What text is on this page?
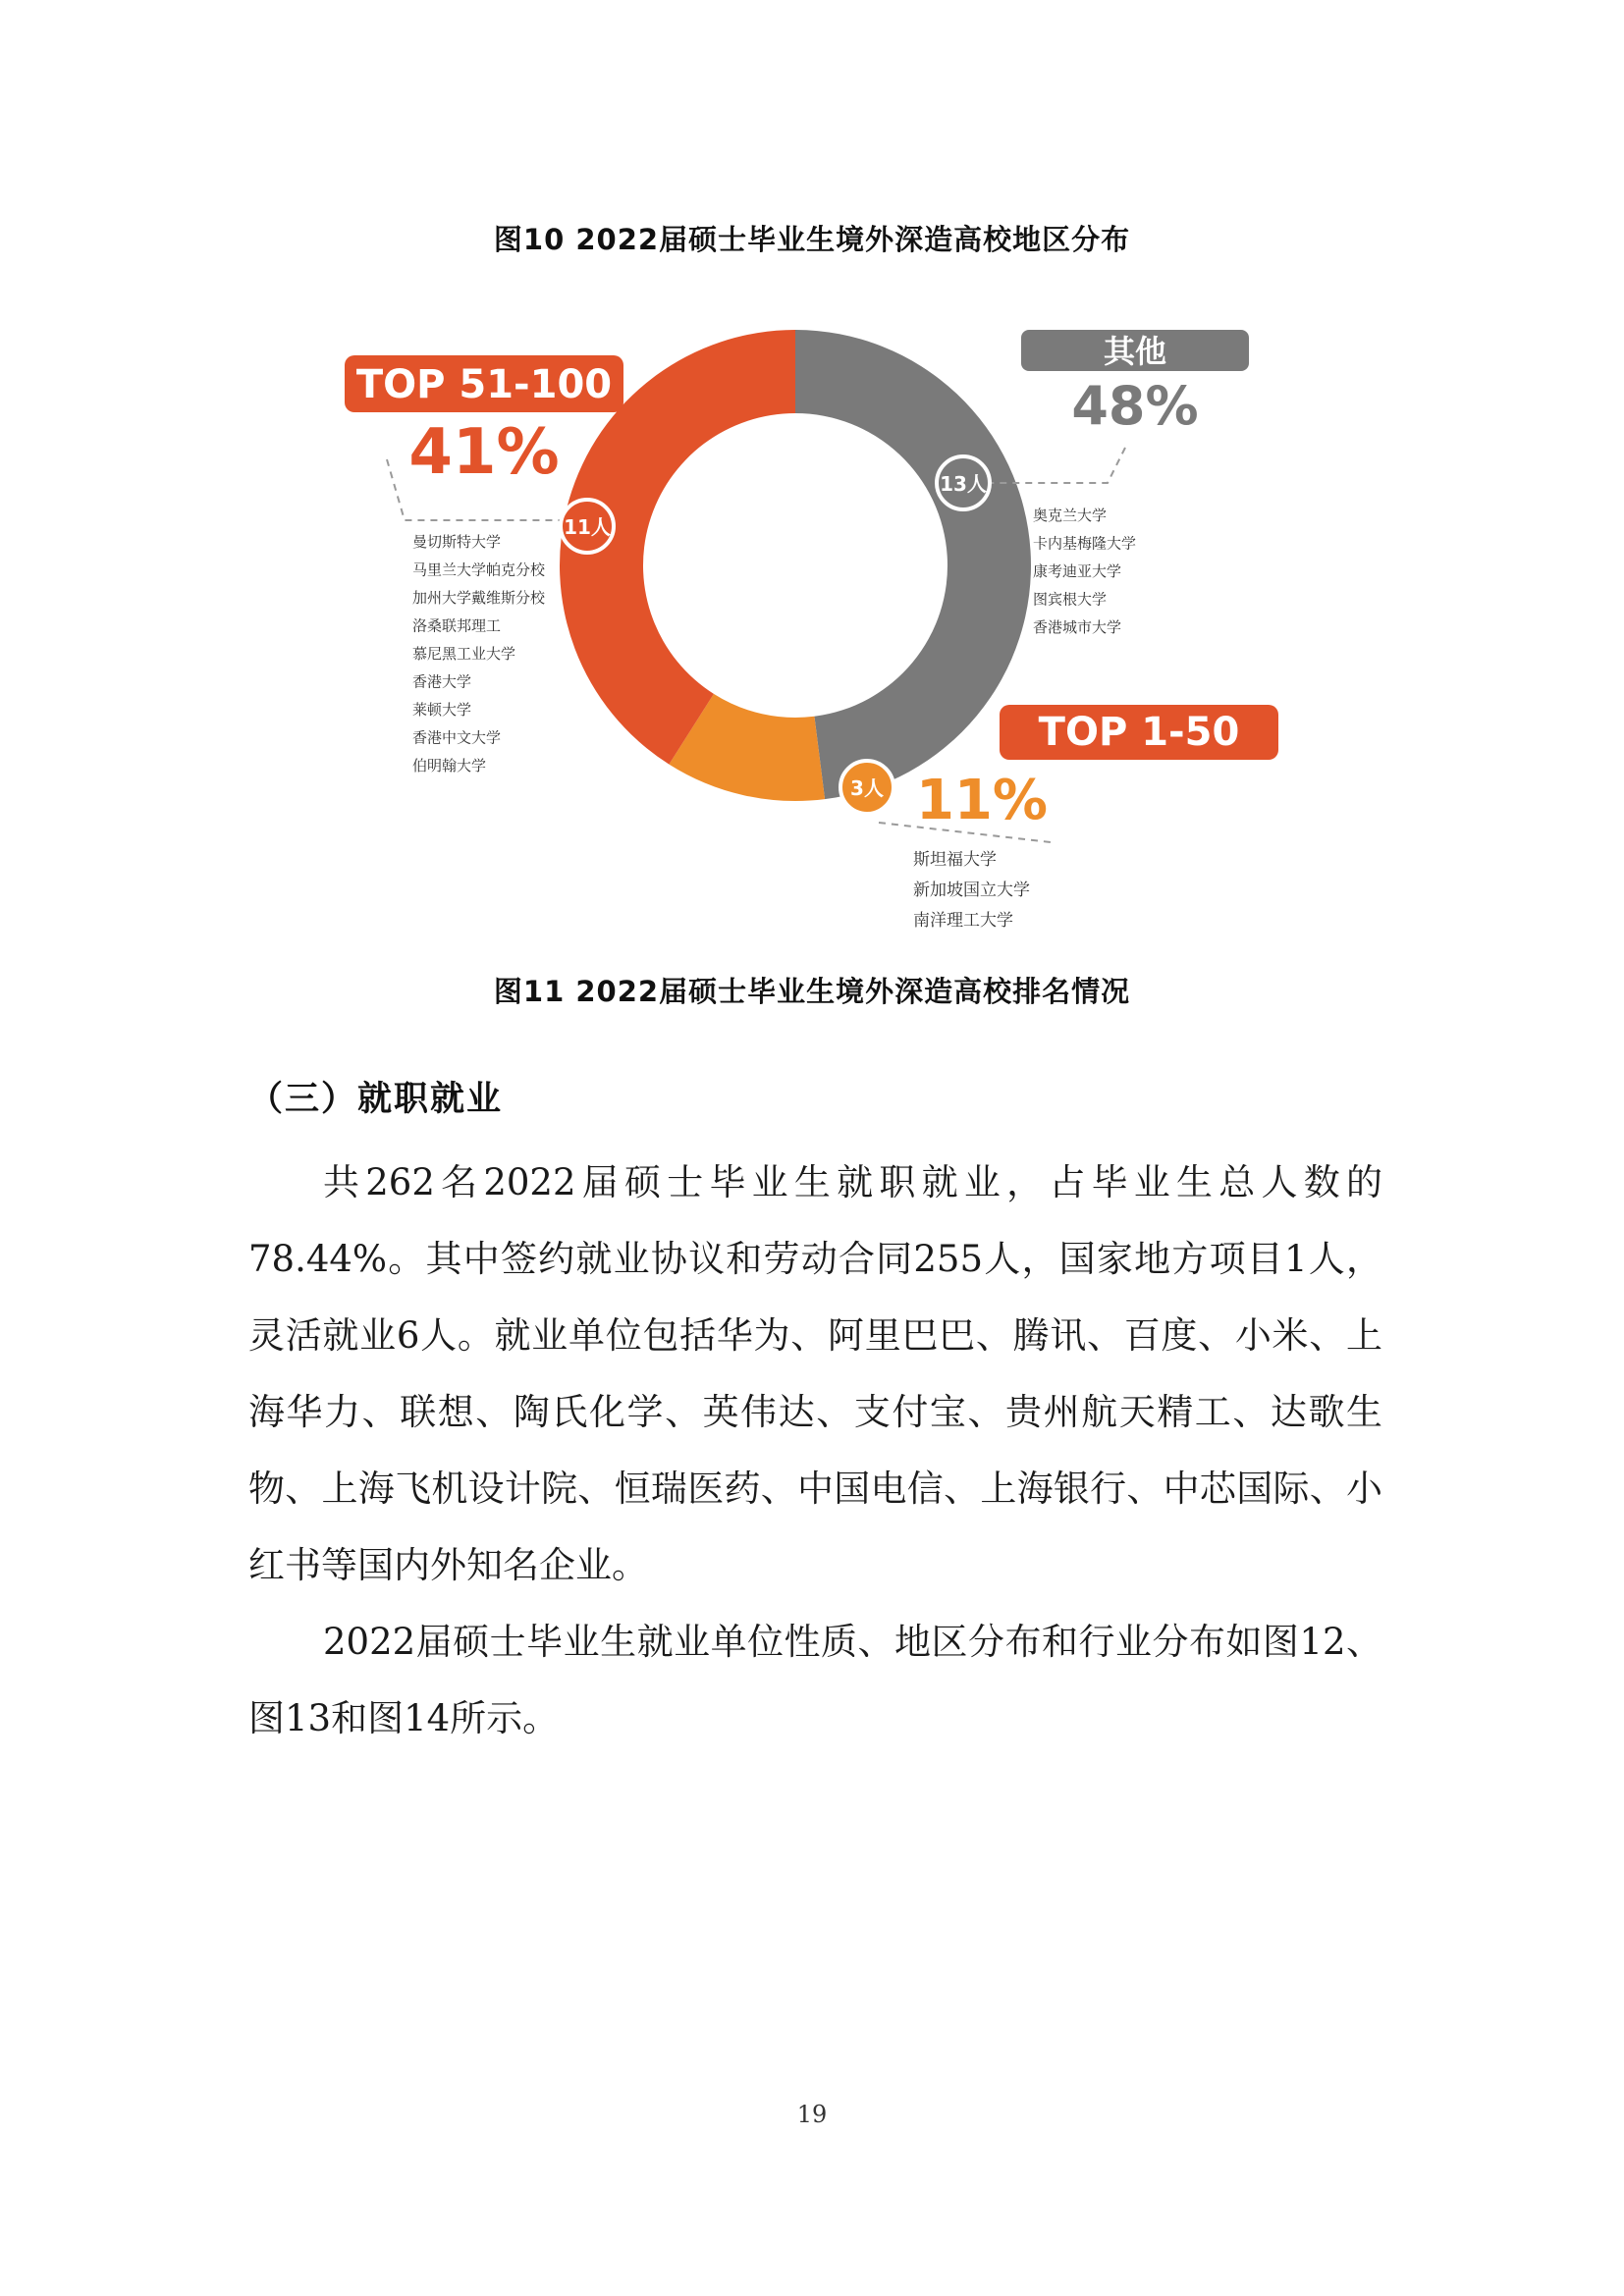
图10 2022届硕士毕业生境外深造高校地区分布
TOP 51-100
41%
其他
48%
TOP 1-50
11%
13人
11人
3人
曼切斯特大学
马里兰大学帕克分校
加州大学戴维斯分校
洛桑联邦理工
慕尼黑工业大学
香港大学
莱顿大学
香港中文大学
伯明翰大学
奥克兰大学
卡内基梅隆大学
康考迪亚大学
图宾根大学
香港城市大学
斯坦福大学
新加坡国立大学
南洋理工大学
图11 2022届硕士毕业生境外深造高校排名情况
（三）就职就业

共262名2022届硕士毕业生就职就业，占毕业生总人数的78.44%。其中签约就业协议和劳动合同255人，国家地方项目1人，灵活就业6人。就业单位包括华为、阿里巴巴、腾讯、百度、小米、上海华力、联想、陶氏化学、英伟达、支付宝、贵州航天精工、达歌生物、上海飞机设计院、恒瑞医药、中国电信、上海银行、中芯国际、小红书等国内外知名企业。

2022届硕士毕业生就业单位性质、地区分布和行业分布如图12、图13和图14所示。

19
